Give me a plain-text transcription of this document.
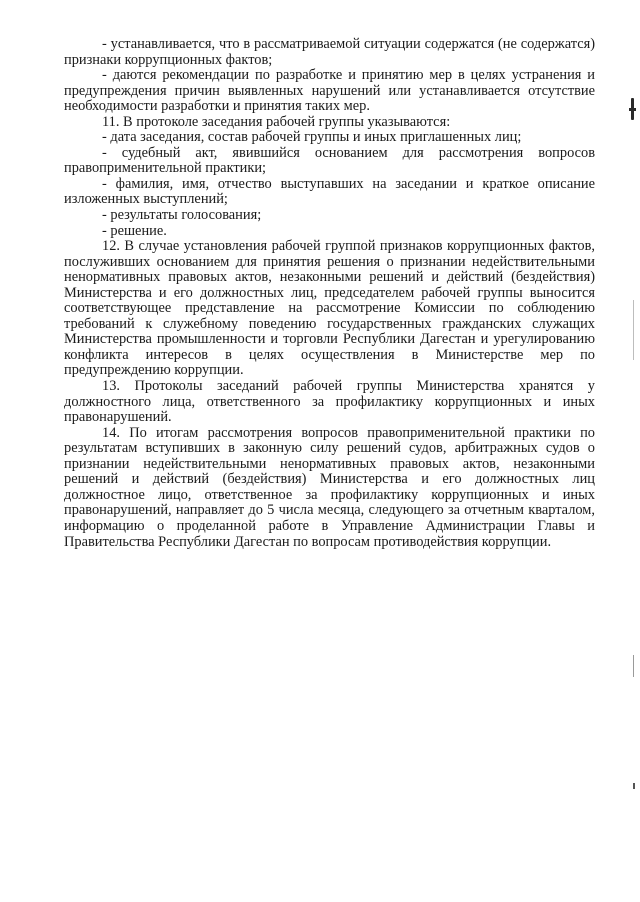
- устанавливается, что в рассматриваемой ситуации содержатся (не содержатся) признаки коррупционных фактов;

- даются рекомендации по разработке и принятию мер в целях устранения и предупреждения причин выявленных нарушений или устанавливается отсутствие необходимости разработки и принятия таких мер.

11. В протоколе заседания рабочей группы указываются:

- дата заседания, состав рабочей группы и иных приглашенных лиц;

- судебный акт, явившийся основанием для рассмотрения вопросов правоприменительной практики;

- фамилия, имя, отчество выступавших на заседании и краткое описание изложенных выступлений;

- результаты голосования;

- решение.

12. В случае установления рабочей группой признаков коррупционных фактов, послуживших основанием для принятия решения о признании недействительными ненормативных правовых актов, незаконными решений и действий (бездействия) Министерства и его должностных лиц, председателем рабочей группы выносится соответствующее представление на рассмотрение Комиссии по соблюдению требований к служебному поведению государственных гражданских служащих Министерства промышленности и торговли Республики Дагестан и урегулированию конфликта интересов в целях осуществления в Министерстве мер по предупреждению коррупции.

13. Протоколы заседаний рабочей группы Министерства хранятся у должностного лица, ответственного за профилактику коррупционных и иных правонарушений.

14. По итогам рассмотрения вопросов правоприменительной практики по результатам вступивших в законную силу решений судов, арбитражных судов о признании недействительными ненормативных правовых актов, незаконными решений и действий (бездействия) Министерства и его должностных лиц должностное лицо, ответственное за профилактику коррупционных и иных правонарушений, направляет до 5 числа месяца, следующего за отчетным кварталом, информацию о проделанной работе в Управление Администрации Главы и Правительства Республики Дагестан по вопросам противодействия коррупции.
